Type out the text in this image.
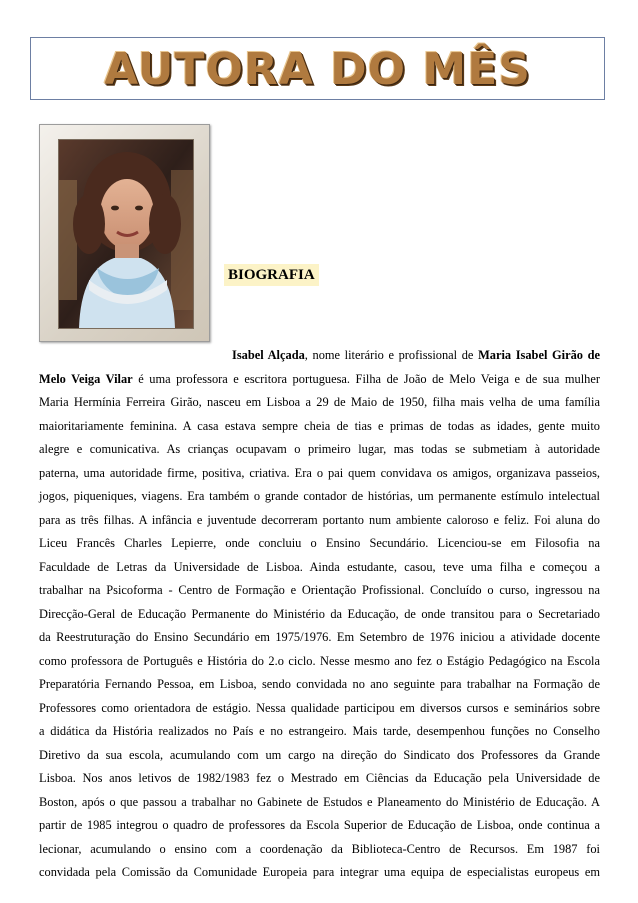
AUTORA DO MÊS
BIOGRAFIA
Isabel Alçada, nome literário e profissional de Maria Isabel Girão de
Melo Veiga Vilar é uma professora e escritora portuguesa. Filha de João de Melo Veiga e de sua mulher
Maria Hermínia Ferreira Girão, nasceu em Lisboa a 29 de Maio de 1950, filha mais velha de uma família
maioritariamente feminina. A casa estava sempre cheia de tias e primas de todas as idades, gente muito
alegre e comunicativa. As crianças ocupavam o primeiro lugar, mas todas se submetiam à autoridade
paterna, uma autoridade firme, positiva, criativa. Era o pai quem convidava os amigos, organizava passeios,
jogos, piqueniques, viagens. Era também o grande contador de histórias, um permanente estímulo intelectual
para as três filhas. A infância e juventude decorreram portanto num ambiente caloroso e feliz. Foi aluna do
Liceu Francês Charles Lepierre, onde concluiu o Ensino Secundário. Licenciou-se em Filosofia na
Faculdade de Letras da Universidade de Lisboa. Ainda estudante, casou, teve uma filha e começou a
trabalhar na Psicoforma - Centro de Formação e Orientação Profissional. Concluído o curso, ingressou na
Direcção-Geral de Educação Permanente do Ministério da Educação, de onde transitou para o Secretariado
da Reestruturação do Ensino Secundário em 1975/1976. Em Setembro de 1976 iniciou a atividade docente
como professora de Português e História do 2.o ciclo. Nesse mesmo ano fez o Estágio Pedagógico na Escola
Preparatória Fernando Pessoa, em Lisboa, sendo convidada no ano seguinte para trabalhar na Formação de
Professores como orientadora de estágio. Nessa qualidade participou em diversos cursos e seminários sobre
a didática da História realizados no País e no estrangeiro. Mais tarde, desempenhou funções no Conselho
Diretivo da sua escola, acumulando com um cargo na direção do Sindicato dos Professores da Grande
Lisboa. Nos anos letivos de 1982/1983 fez o Mestrado em Ciências da Educação pela Universidade de
Boston, após o que passou a trabalhar no Gabinete de Estudos e Planeamento do Ministério de Educação. A
partir de 1985 integrou o quadro de professores da Escola Superior de Educação de Lisboa, onde continua a
lecionar, acumulando o ensino com a coordenação da Biblioteca-Centro de Recursos. Em 1987 foi
convidada pela Comissão da Comunidade Europeia para integrar uma equipa de especialistas europeus em
